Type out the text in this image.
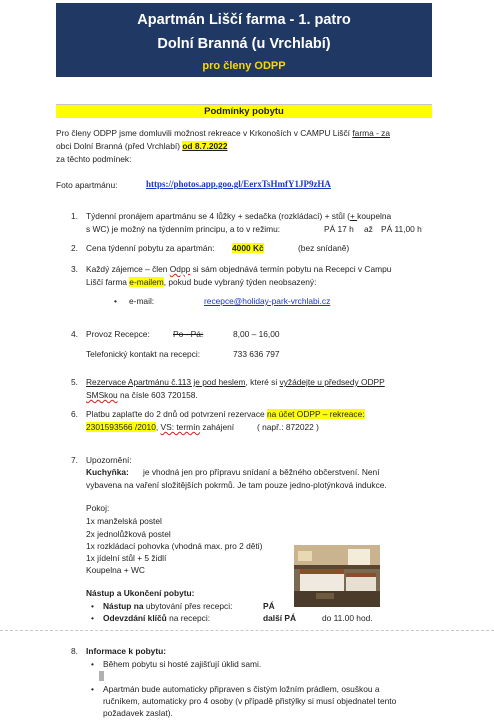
Apartmán Liščí farma - 1. patro
Dolní Branná (u Vrchlabí)
pro členy ODPP
Podmínky pobytu
Pro členy ODPP jsme domluvili možnost rekreace v Krkonoších v CAMPU Liščí farma - za
obci Dolní Branná (před Vrchlabí) od 8.7.2022
za těchto podmínek:
Foto apartmánu:	https://photos.app.goo.gl/EerxTsHmfY1JP9zHA
1. Týdenní pronájem apartmánu se 4 lůžky + sedačka (rozkládací) + stůl (+ koupelna
s WC) je možný na týdenním principu, a to v režimu:	PÁ 17 h až PÁ 11,00 h
2. Cena týdenní pobytu za apartmán: 4000 Kč	(bez snídaně)
3. Každý zájemce – člen Odpp si sám objednává termín pobytu na Recepci v Campu
Liščí farma e-mailem, pokud bude vybraný týden neobsazený:
• e-mail:	recepce@holiday-park-vrchlabi.cz
4. Provoz Recepce:	Po - Pá:	8,00 – 16,00
Telefonický kontakt na recepci:	733 636 797
5. Rezervace Apartmánu č.113 je pod heslem, které si vyžádejte u předsedy ODPP
SMSkou na čísle 603 720158.
6. Platbu zaplaťte do 2 dnů od potvrzení rezervace na účet ODPP – rekreace:
2301593566 /2010, VS: termín zahájení	( např.: 872022 )
7. Upozornění:
Kuchyňka: je vhodná jen pro přípravu snídaní a běžného občerstvení. Není
vybavena na vaření složitějších pokrmů. Je tam pouze jedno-plotýnková indukce.
Pokoj:
1x manželská postel
2x jednolůžková postel
1x rozkládací pohovka (vhodná max. pro 2 děti)
1x jídelní stůl + 5 židlí
Koupelna + WC
Nástup a Ukončení pobytu:
• Nástup na ubytování přes recepci:	PÁ
• Odevzdání klíčů na recepci:	další PÁ	do 11.00 hod.
8. Informace k pobytu:
• Během pobytu si hosté zajišťují úklid sami.
• Apartmán bude automaticky připraven s čistým ložním prádlem, osuškou a
ručníkem, automaticky pro 4 osoby (v případě přistýlky si musí objednatel tento
požadavek zaslat).
